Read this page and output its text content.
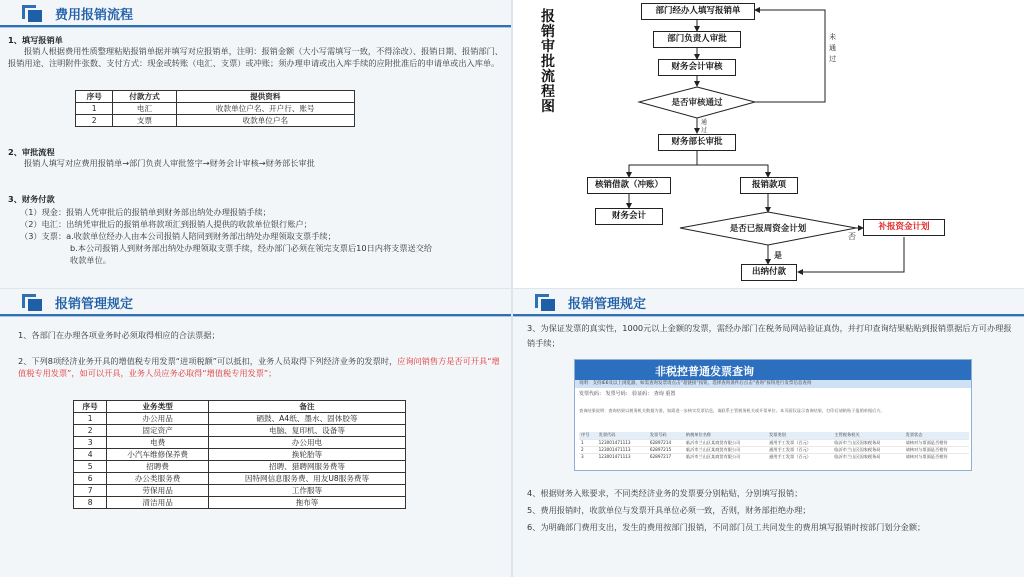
费用报销流程
1、填写报销单
报销人根据费用性质整理粘贴报销单据并填写对应报销单，注明：报销金额（大小写需填写一致，不得涂改）、报销日期、报销部门、报销用途、注明附件张数、支付方式：现金或转账（电汇、支票）或冲账；须办理申请或出入库手续的应附批准后的申请单或出入库单。
序号	付款方式	提供资料
1	电汇	收款单位户名、开户行、账号
2	支票	收款单位户名
2、审批流程
报销人填写对应费用报销单→部门负责人审批签字→财务会计审核→财务部长审批
3、财务付款
（1）现金：报销人凭审批后的报销单到财务部出纳处办理报销手续；
（2）电汇：出纳凭审批后的报销单将款项汇到报销人提供的收款单位银行账户；
（3）支票：a.收款单位经办人由本公司报销人陪同到财务部出纳处办理领取支票手续；
b.本公司报销人到财务部出纳处办理领取支票手续，经办部门必须在领完支票后10日内将支票送交给
收款单位。
报销审批流程图
部门经办人填写报销单
部门负责人审批
财务会计审核
是否审核通过
财务部长审批
核销借款（冲账）	报销款项
财务会计
是否已报周资金计划	补报资金计划
出纳付款
未通过
通过
否
是
报销管理规定
1、各部门在办理各项业务时必须取得相应的合法票据；
2、下列8项经济业务开具的增值税专用发票“进项税额”可以抵扣，业务人员取得下列经济业务的发票时，应询问销售方是否可开具“增值税专用发票”，如可以开具，业务人员应务必取得“增值税专用发票”；
序号	业务类型	备注
1	办公用品	硒鼓、A4纸、墨水、固体胶等
2	固定资产	电脑、复印机、设备等
3	电费	办公用电
4	小汽车维修保养费	换轮胎等
5	招聘费	招聘、猎聘网服务费等
6	办公类服务费	因特网信息服务费、用友U8服务费等
7	劳保用品	工作服等
8	清洁用品	拖布等
报销管理规定
3、为保证发票的真实性，1000元以上金额的发票，需经办部门在税务局网站验证真伪，并打印查询结果粘贴到报销票据后方可办理报销手续；
非税控普通发票查询
说明：支持IE6及以上浏览器，如需查询发票请点击“超链接”按钮，选择查询条件后点击“查询”按钮进行发票信息查询
发票代码： 发票号码： 验证码： 查询 重置
查询结果说明：查询结果以税务机关数据为准，如需进一步核实发票信息，请联系主管税务机关或开票单位。本页面仅显示查询结果，打印后请粘贴于报销单据后方。
序号	发票代码	发票号码	纳税单位名称	发票类别	主管税务机关	发票状态
1	123001471113	62897214	临沂市兰山区某商贸有限公司	通用手工发票（百元）	临沂市兰山区国家税务局	请核对与票面是否相符
2	123001471113	62897215	临沂市兰山区某商贸有限公司	通用手工发票（百元）	临沂市兰山区国家税务局	请核对与票面是否相符
3	123001471113	62897217	临沂市兰山区某商贸有限公司	通用手工发票（百元）	临沂市兰山区国家税务局	请核对与票面是否相符
4、根据财务入账要求，不同类经济业务的发票要分别粘贴，分别填写报销；
5、费用报销时，收款单位与发票开具单位必须一致，否则，财务部拒绝办理；
6、为明确部门费用支出，发生的费用按部门报销，不同部门员工共同发生的费用填写报销时按部门划分金额；
